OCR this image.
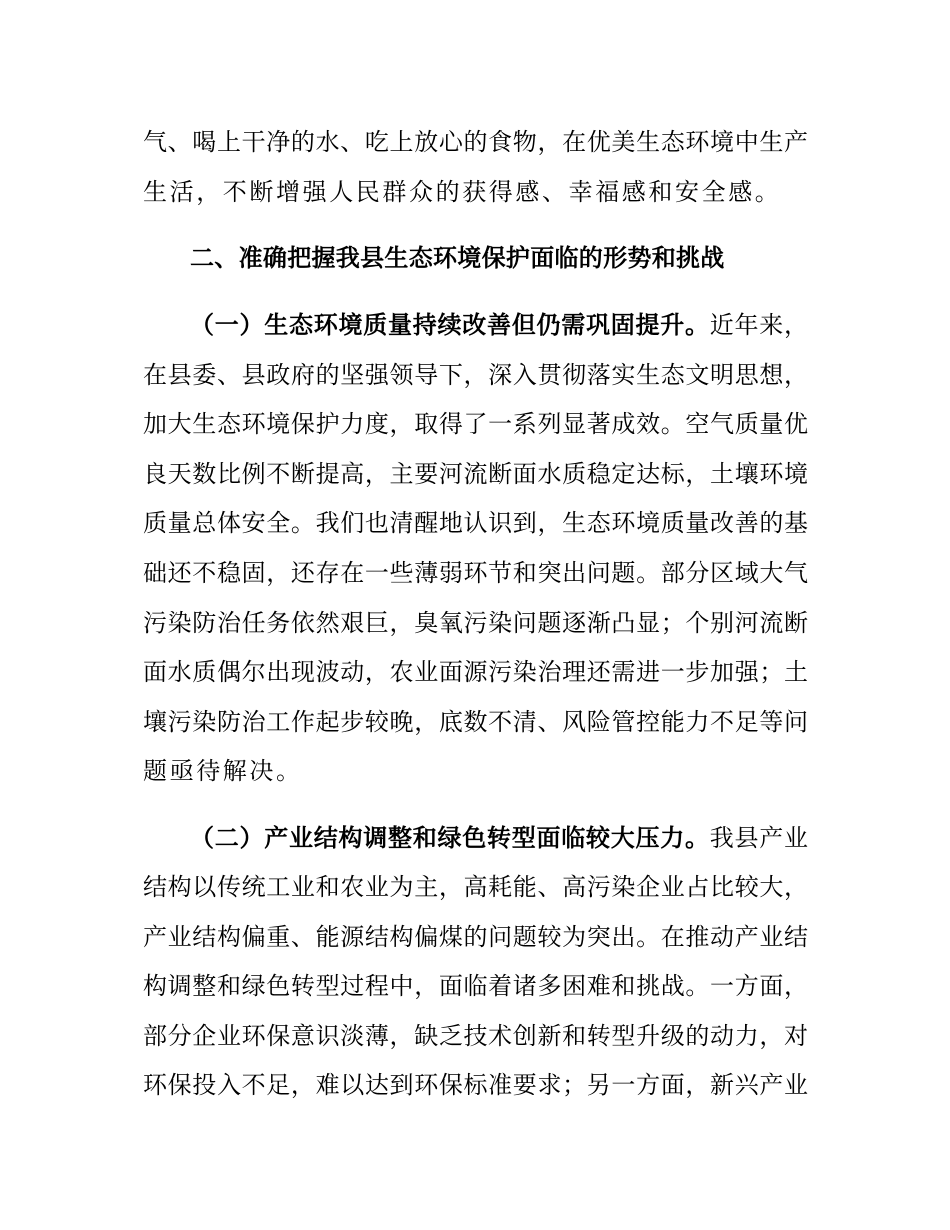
气、喝上干净的水、吃上放心的食物，在优美生态环境中生产
生活，不断增强人民群众的获得感、幸福感和安全感。
二、准确把握我县生态环境保护面临的形势和挑战
（一）生态环境质量持续改善但仍需巩固提升。近年来，
在县委、县政府的坚强领导下，深入贯彻落实生态文明思想，
加大生态环境保护力度，取得了一系列显著成效。空气质量优
良天数比例不断提高，主要河流断面水质稳定达标，土壤环境
质量总体安全。我们也清醒地认识到，生态环境质量改善的基
础还不稳固，还存在一些薄弱环节和突出问题。部分区域大气
污染防治任务依然艰巨，臭氧污染问题逐渐凸显；个别河流断
面水质偶尔出现波动，农业面源污染治理还需进一步加强；土
壤污染防治工作起步较晚，底数不清、风险管控能力不足等问
题亟待解决。
（二）产业结构调整和绿色转型面临较大压力。我县产业
结构以传统工业和农业为主，高耗能、高污染企业占比较大，
产业结构偏重、能源结构偏煤的问题较为突出。在推动产业结
构调整和绿色转型过程中，面临着诸多困难和挑战。一方面，
部分企业环保意识淡薄，缺乏技术创新和转型升级的动力，对
环保投入不足，难以达到环保标准要求；另一方面，新兴产业
